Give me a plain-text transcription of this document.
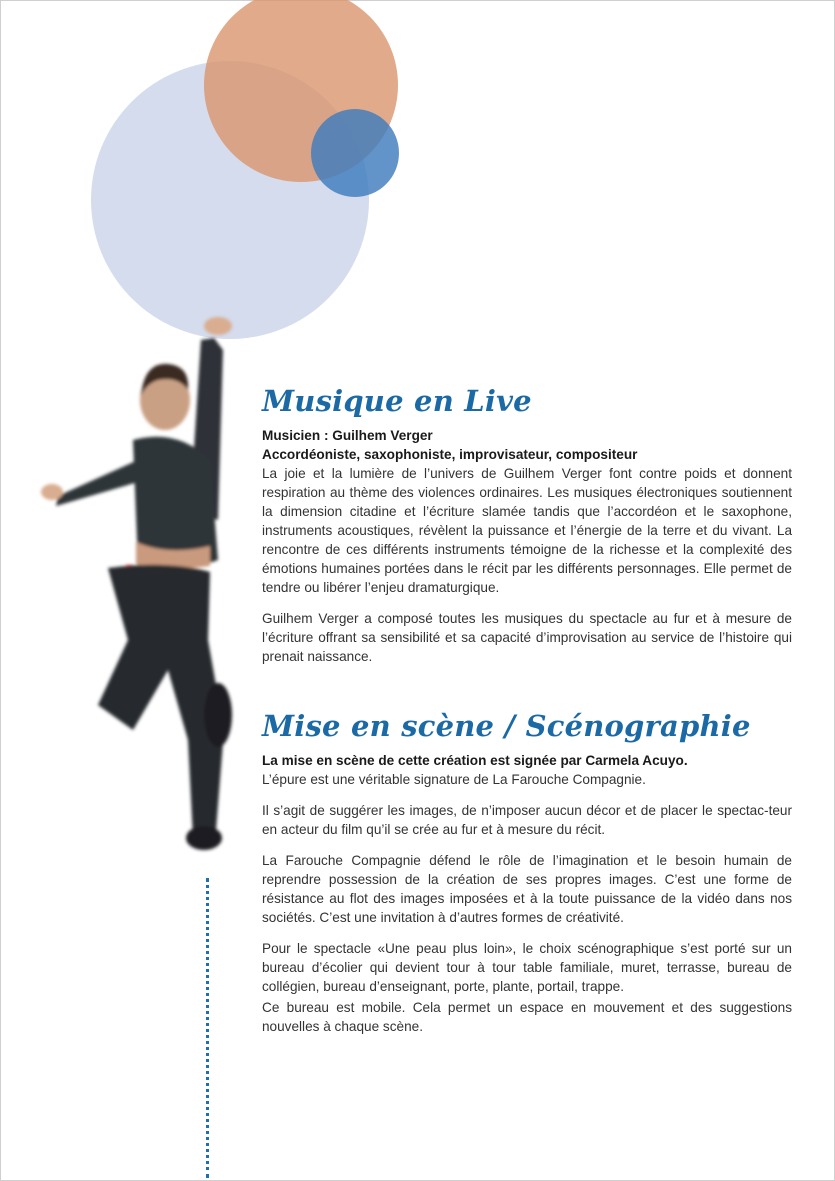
Musique en Live

Musicien : Guilhem Verger

Accordéoniste, saxophoniste, improvisateur, compositeur

La joie et la lumière de l’univers de Guilhem Verger font contre poids et donnent respiration au thème des violences ordinaires. Les musiques électroniques soutiennent la dimension citadine et l’écriture slamée tandis que l’accordéon et le saxophone, instruments acoustiques, révèlent la puissance et l’énergie de la terre et du vivant. La rencontre de ces différents instruments témoigne de la richesse et la complexité des émotions humaines portées dans le récit par les différents personnages. Elle permet de tendre ou libérer l’enjeu dramaturgique.

Guilhem Verger a composé toutes les musiques du spectacle au fur et à mesure de l’écriture offrant sa sensibilité et sa capacité d’improvisation au service de l’histoire qui prenait naissance.

Mise en scène / Scénographie

La mise en scène de cette création est signée par Carmela Acuyo.

L’épure est une véritable signature de La Farouche Compagnie.

Il s’agit de suggérer les images, de n’imposer aucun décor et de placer le spectac-teur en acteur du film qu’il se crée au fur et à mesure du récit.

La Farouche Compagnie défend le rôle de l’imagination et le besoin humain de reprendre possession de la création de ses propres images. C’est une forme de résistance au flot des images imposées et à la toute puissance de la vidéo dans nos sociétés. C’est une invitation à d’autres formes de créativité.

Pour le spectacle «Une peau plus loin», le choix scénographique s’est porté sur un bureau d’écolier qui devient tour à tour table familiale, muret, terrasse, bureau de collégien, bureau d’enseignant, porte, plante, portail, trappe.

Ce bureau est mobile. Cela permet un espace en mouvement et des suggestions nouvelles à chaque scène.
